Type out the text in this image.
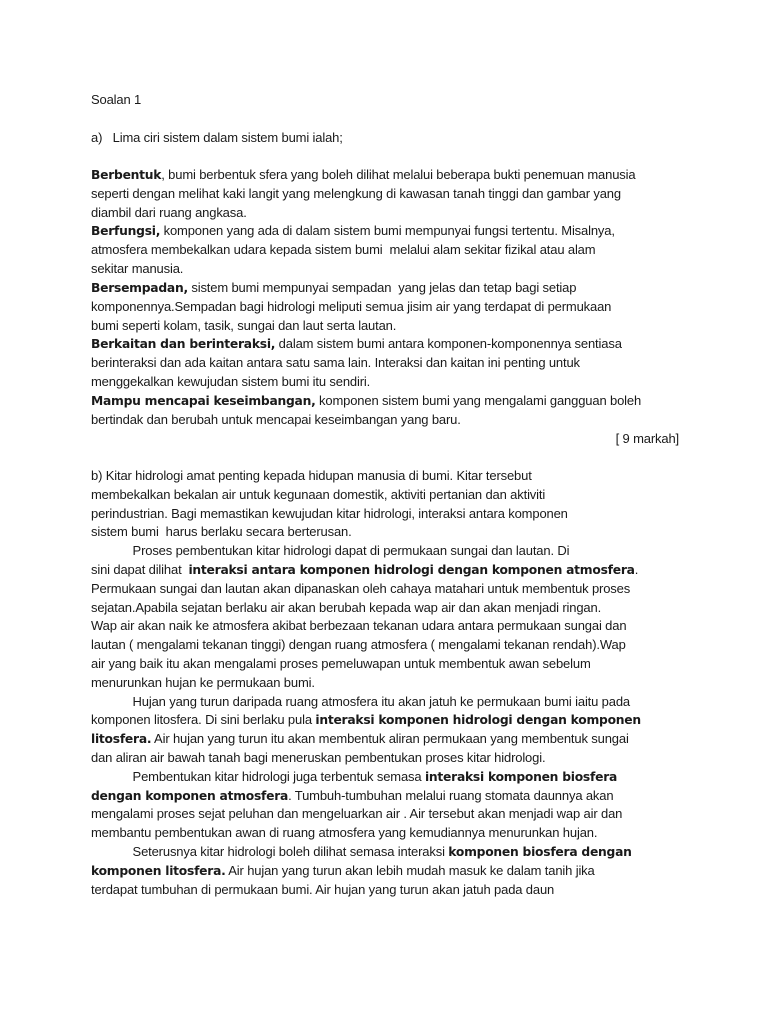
Soalan 1
a)   Lima ciri sistem dalam sistem bumi ialah;
Berbentuk, bumi berbentuk sfera yang boleh dilihat melalui beberapa bukti penemuan manusia
seperti dengan melihat kaki langit yang melengkung di kawasan tanah tinggi dan gambar yang
diambil dari ruang angkasa.
Berfungsi, komponen yang ada di dalam sistem bumi mempunyai fungsi tertentu. Misalnya,
atmosfera membekalkan udara kepada sistem bumi  melalui alam sekitar fizikal atau alam
sekitar manusia.
Bersempadan, sistem bumi mempunyai sempadan  yang jelas dan tetap bagi setiap
komponennya.Sempadan bagi hidrologi meliputi semua jisim air yang terdapat di permukaan
bumi seperti kolam, tasik, sungai dan laut serta lautan.
Berkaitan dan berinteraksi, dalam sistem bumi antara komponen-komponennya sentiasa
berinteraksi dan ada kaitan antara satu sama lain. Interaksi dan kaitan ini penting untuk
menggekalkan kewujudan sistem bumi itu sendiri.
Mampu mencapai keseimbangan, komponen sistem bumi yang mengalami gangguan boleh
bertindak dan berubah untuk mencapai keseimbangan yang baru.
[ 9 markah]
b) Kitar hidrologi amat penting kepada hidupan manusia di bumi. Kitar tersebut
membekalkan bekalan air untuk kegunaan domestik, aktiviti pertanian dan aktiviti
perindustrian. Bagi memastikan kewujudan kitar hidrologi, interaksi antara komponen
sistem bumi  harus berlaku secara berterusan.
Proses pembentukan kitar hidrologi dapat di permukaan sungai dan lautan. Di
sini dapat dilihat  interaksi antara komponen hidrologi dengan komponen atmosfera.
Permukaan sungai dan lautan akan dipanaskan oleh cahaya matahari untuk membentuk proses
sejatan.Apabila sejatan berlaku air akan berubah kepada wap air dan akan menjadi ringan.
Wap air akan naik ke atmosfera akibat berbezaan tekanan udara antara permukaan sungai dan
lautan ( mengalami tekanan tinggi) dengan ruang atmosfera ( mengalami tekanan rendah).Wap
air yang baik itu akan mengalami proses pemeluwapan untuk membentuk awan sebelum
menurunkan hujan ke permukaan bumi.
Hujan yang turun daripada ruang atmosfera itu akan jatuh ke permukaan bumi iaitu pada
komponen litosfera. Di sini berlaku pula interaksi komponen hidrologi dengan komponen
litosfera. Air hujan yang turun itu akan membentuk aliran permukaan yang membentuk sungai
dan aliran air bawah tanah bagi meneruskan pembentukan proses kitar hidrologi.
Pembentukan kitar hidrologi juga terbentuk semasa interaksi komponen biosfera
dengan komponen atmosfera. Tumbuh-tumbuhan melalui ruang stomata daunnya akan
mengalami proses sejat peluhan dan mengeluarkan air . Air tersebut akan menjadi wap air dan
membantu pembentukan awan di ruang atmosfera yang kemudiannya menurunkan hujan.
Seterusnya kitar hidrologi boleh dilihat semasa interaksi komponen biosfera dengan
komponen litosfera. Air hujan yang turun akan lebih mudah masuk ke dalam tanih jika
terdapat tumbuhan di permukaan bumi. Air hujan yang turun akan jatuh pada daun
